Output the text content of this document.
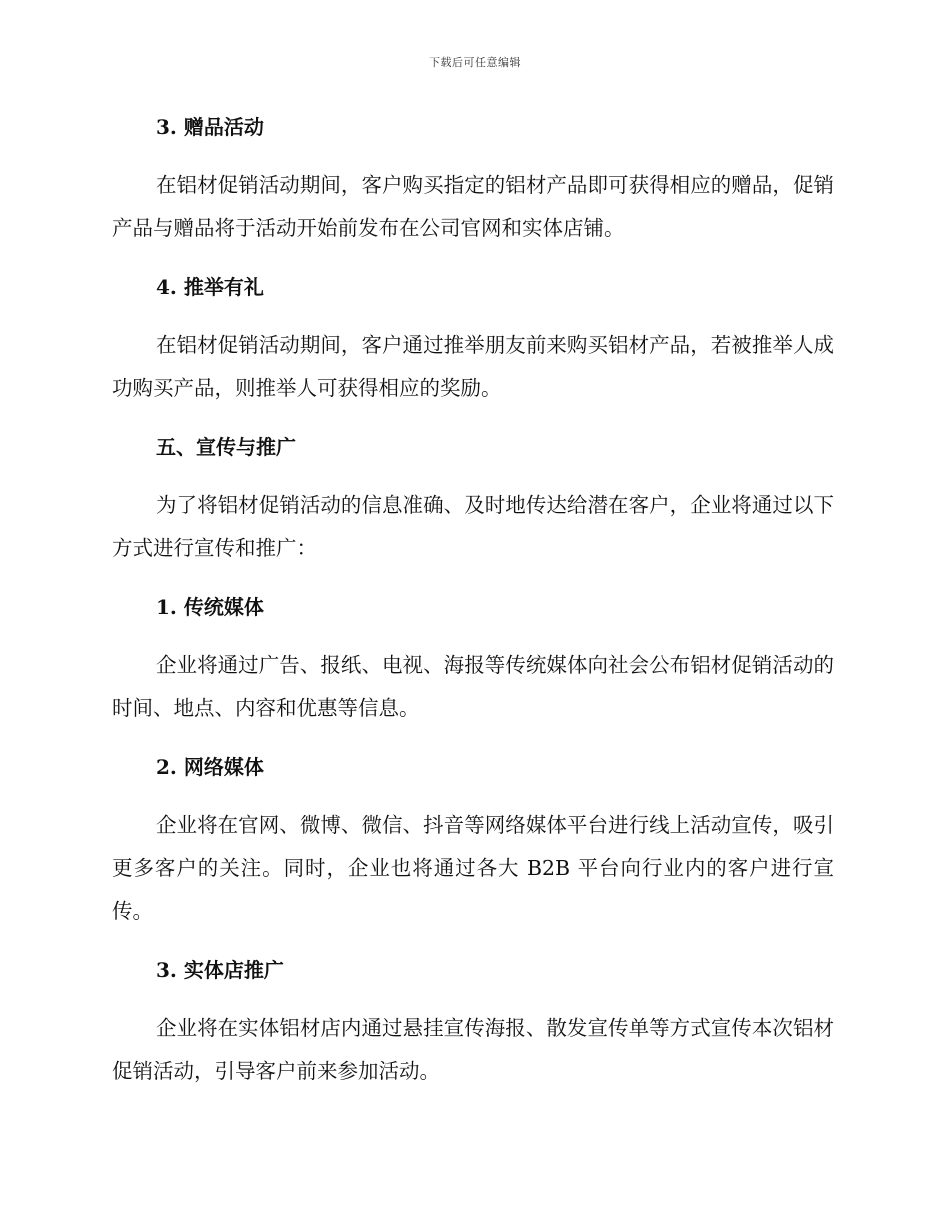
下载后可任意编辑
3. 赠品活动
在铝材促销活动期间，客户购买指定的铝材产品即可获得相应的赠品，促销产品与赠品将于活动开始前发布在公司官网和实体店铺。
4. 推举有礼
在铝材促销活动期间，客户通过推举朋友前来购买铝材产品，若被推举人成功购买产品，则推举人可获得相应的奖励。
五、宣传与推广
为了将铝材促销活动的信息准确、及时地传达给潜在客户，企业将通过以下方式进行宣传和推广：
1. 传统媒体
企业将通过广告、报纸、电视、海报等传统媒体向社会公布铝材促销活动的时间、地点、内容和优惠等信息。
2. 网络媒体
企业将在官网、微博、微信、抖音等网络媒体平台进行线上活动宣传，吸引更多客户的关注。同时，企业也将通过各大 B2B 平台向行业内的客户进行宣传。
3. 实体店推广
企业将在实体铝材店内通过悬挂宣传海报、散发宣传单等方式宣传本次铝材促销活动，引导客户前来参加活动。
